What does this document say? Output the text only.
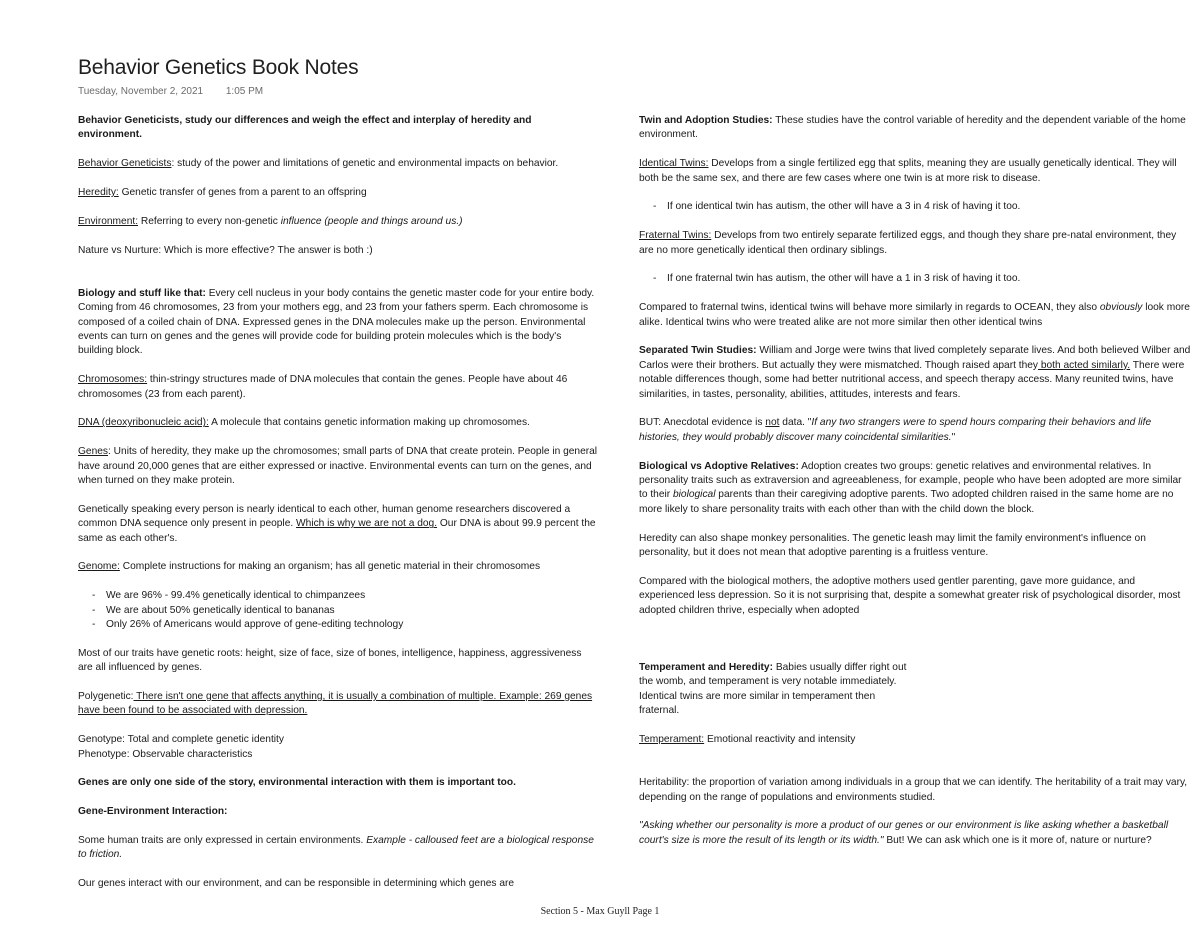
Behavior Genetics Book Notes
Tuesday, November 2, 2021 1:05 PM

Behavior Geneticists, study our differences and weigh the effect and interplay of heredity and environment.

Behavior Geneticists: study of the power and limitations of genetic and environmental impacts on behavior.

Heredity: Genetic transfer of genes from a parent to an offspring

Environment: Referring to every non-genetic influence (people and things around us.)

Nature vs Nurture: Which is more effective? The answer is both :)

Biology and stuff like that: Every cell nucleus in your body contains the genetic master code for your entire body. Coming from 46 chromosomes, 23 from your mothers egg, and 23 from your fathers sperm. Each chromosome is composed of a coiled chain of DNA. Expressed genes in the DNA molecules make up the person. Environmental events can turn on genes and the genes will provide code for building protein molecules which is the body's building block.

Chromosomes: thin-stringy structures made of DNA molecules that contain the genes. People have about 46 chromosomes (23 from each parent).

DNA (deoxyribonucleic acid): A molecule that contains genetic information making up chromosomes.

Genes: Units of heredity, they make up the chromosomes; small parts of DNA that create protein. People in general have around 20,000 genes that are either expressed or inactive. Environmental events can turn on the genes, and when turned on they make protein.

Genetically speaking every person is nearly identical to each other, human genome researchers discovered a common DNA sequence only present in people. Which is why we are not a dog. Our DNA is about 99.9 percent the same as each other's.

Genome: Complete instructions for making an organism; has all genetic material in their chromosomes

- We are 96% - 99.4% genetically identical to chimpanzees
- We are about 50% genetically identical to bananas
- Only 26% of Americans would approve of gene-editing technology

Most of our traits have genetic roots: height, size of face, size of bones, intelligence, happiness, aggressiveness are all influenced by genes.

Polygenetic: There isn't one gene that affects anything, it is usually a combination of multiple. Example: 269 genes have been found to be associated with depression.

Genotype: Total and complete genetic identity
Phenotype: Observable characteristics

Genes are only one side of the story, environmental interaction with them is important too.

Gene-Environment Interaction:

Some human traits are only expressed in certain environments. Example - calloused feet are a biological response to friction.

Our genes interact with our environment, and can be responsible in determining which genes are

Twin and Adoption Studies: These studies have the control variable of heredity and the dependent variable of the home environment.

Identical Twins: Develops from a single fertilized egg that splits, meaning they are usually genetically identical. They will both be the same sex, and there are few cases where one twin is at more risk to disease.

- If one identical twin has autism, the other will have a 3 in 4 risk of having it too.

Fraternal Twins: Develops from two entirely separate fertilized eggs, and though they share pre-natal environment, they are no more genetically identical then ordinary siblings.

- If one fraternal twin has autism, the other will have a 1 in 3 risk of having it too.

Compared to fraternal twins, identical twins will behave more similarly in regards to OCEAN, they also obviously look more alike. Identical twins who were treated alike are not more similar then other identical twins

Separated Twin Studies: William and Jorge were twins that lived completely separate lives. And both believed Wilber and Carlos were their brothers. But actually they were mismatched. Though raised apart they both acted similarly. There were notable differences though, some had better nutritional access, and speech therapy access. Many reunited twins, have similarities, in tastes, personality, abilities, attitudes, interests and fears.

BUT: Anecdotal evidence is not data. "If any two strangers were to spend hours comparing their behaviors and life histories, they would probably discover many coincidental similarities."

Biological vs Adoptive Relatives: Adoption creates two groups: genetic relatives and environmental relatives. In personality traits such as extraversion and agreeableness, for example, people who have been adopted are more similar to their biological parents than their caregiving adoptive parents. Two adopted children raised in the same home are no more likely to share personality traits with each other than with the child down the block.

Heredity can also shape monkey personalities. The genetic leash may limit the family environment's influence on personality, but it does not mean that adoptive parenting is a fruitless venture.

Compared with the biological mothers, the adoptive mothers used gentler parenting, gave more guidance, and experienced less depression. So it is not surprising that, despite a somewhat greater risk of psychological disorder, most adopted children thrive, especially when adopted

Temperament and Heredity: Babies usually differ right out the womb, and temperament is very notable immediately. Identical twins are more similar in temperament then fraternal.

Temperament: Emotional reactivity and intensity

Heritability: the proportion of variation among individuals in a group that we can identify. The heritability of a trait may vary, depending on the range of populations and environments studied.

"Asking whether our personality is more a product of our genes or our environment is like asking whether a basketball court's size is more the result of its length or its width." But! We can ask which one is it more of, nature or nurture?

Section 5 - Max Guyll Page 1
